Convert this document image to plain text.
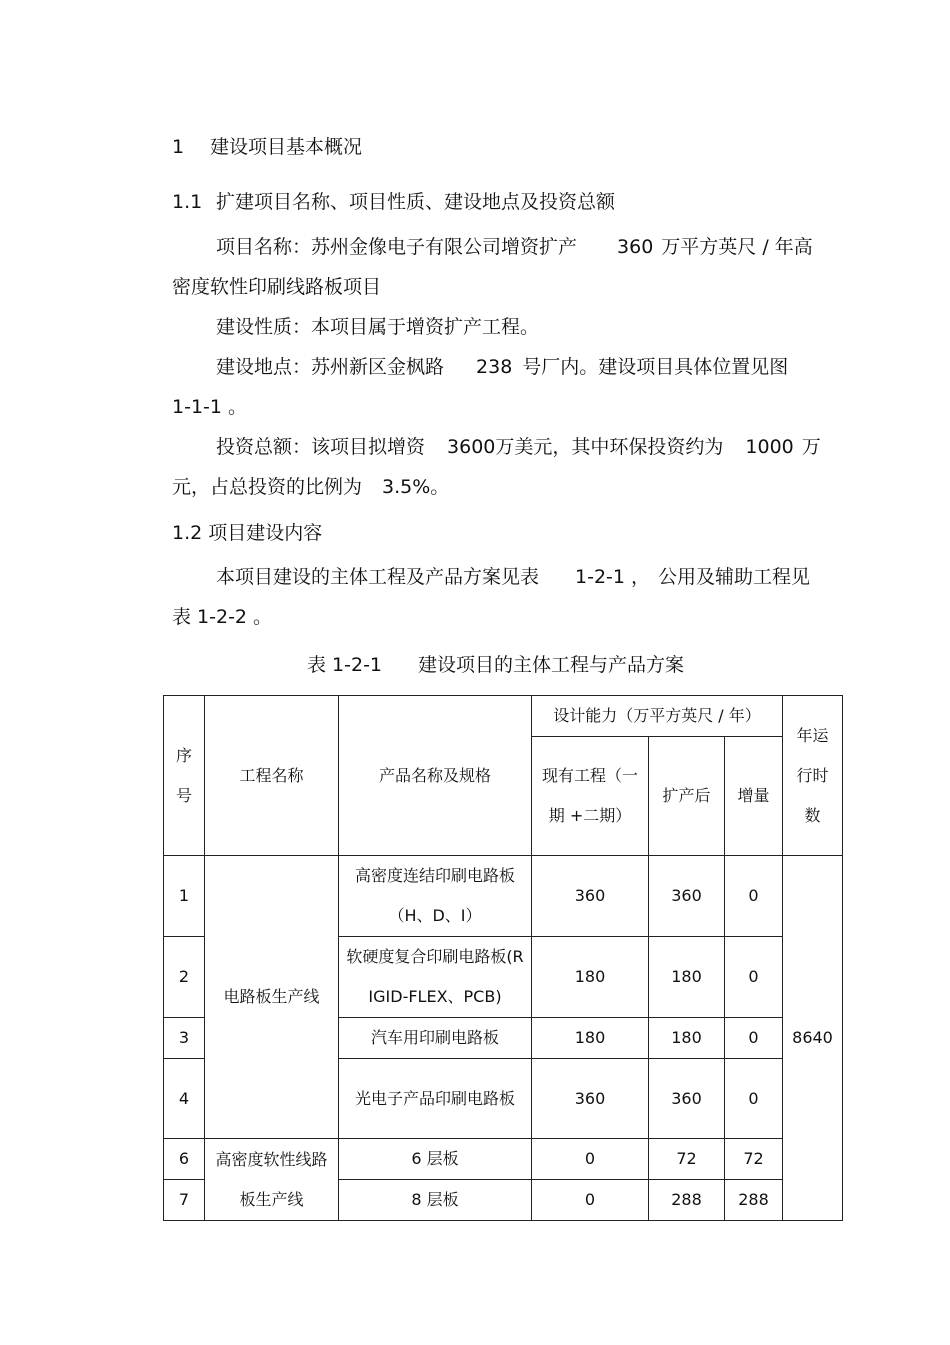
1 建设项目基本概况
1.1 扩建项目名称、项目性质、建设地点及投资总额
项目名称：苏州金像电子有限公司增资扩产 360 万平方英尺 / 年高
密度软性印刷线路板项目
建设性质：本项目属于增资扩产工程。
建设地点：苏州新区金枫路 238 号厂内。建设项目具体位置见图
1-1-1 。
投资总额：该项目拟增资 3600万美元，其中环保投资约为 1000 万
元，占总投资的比例为 3.5%。
1.2 项目建设内容
本项目建设的主体工程及产品方案见表 1-2-1 ， 公用及辅助工程见
表 1-2-2 。
表 1-2-1 建设项目的主体工程与产品方案
序号	工程名称	产品名称及规格	设计能力（万平方英尺 / 年）			年运行时数
			现有工程（一期 +二期）	扩产后	增量	
1	电路板生产线	高密度连结印刷电路板（H、D、I）	360	360	0	8640
2		软硬度复合印刷电路板(RIGID-FLEX、PCB)	180	180	0	
3		汽车用印刷电路板	180	180	0	
4		光电子产品印刷电路板	360	360	0	
6	高密度软性线路板生产线	6 层板	0	72	72	
7		8 层板	0	288	288	
